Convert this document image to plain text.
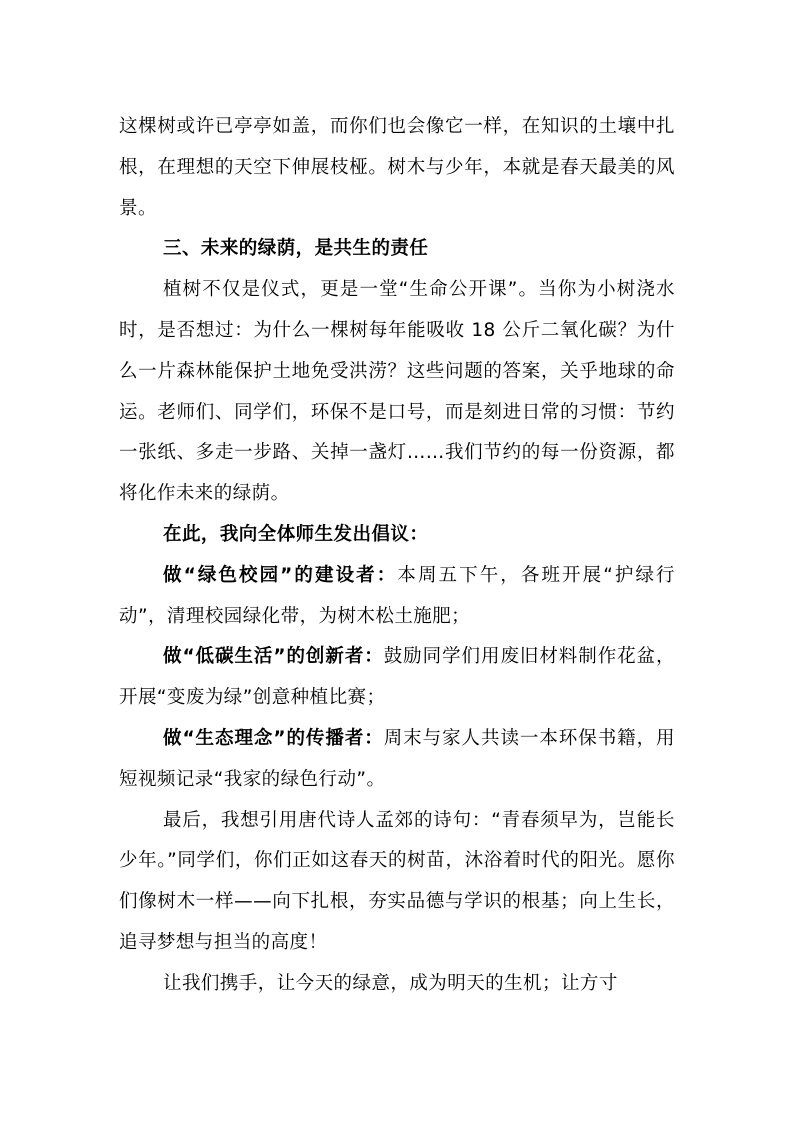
这棵树或许已亭亭如盖，而你们也会像它一样，在知识的土壤中扎根，在理想的天空下伸展枝桠。树木与少年，本就是春天最美的风景。

三、未来的绿荫，是共生的责任

植树不仅是仪式，更是一堂“生命公开课”。当你为小树浇水时，是否想过：为什么一棵树每年能吸收 18 公斤二氧化碳？为什么一片森林能保护土地免受洪涝？这些问题的答案，关乎地球的命运。老师们、同学们，环保不是口号，而是刻进日常的习惯：节约一张纸、多走一步路、关掉一盏灯……我们节约的每一份资源，都将化作未来的绿荫。

在此，我向全体师生发出倡议：

做“绿色校园”的建设者：本周五下午，各班开展“护绿行动”，清理校园绿化带，为树木松土施肥；

做“低碳生活”的创新者：鼓励同学们用废旧材料制作花盆，开展“变废为绿”创意种植比赛；

做“生态理念”的传播者：周末与家人共读一本环保书籍，用短视频记录“我家的绿色行动”。

最后，我想引用唐代诗人孟郊的诗句：“青春须早为，岂能长少年。”同学们，你们正如这春天的树苗，沐浴着时代的阳光。愿你们像树木一样——向下扎根，夯实品德与学识的根基；向上生长，追寻梦想与担当的高度！

让我们携手，让今天的绿意，成为明天的生机；让方寸
